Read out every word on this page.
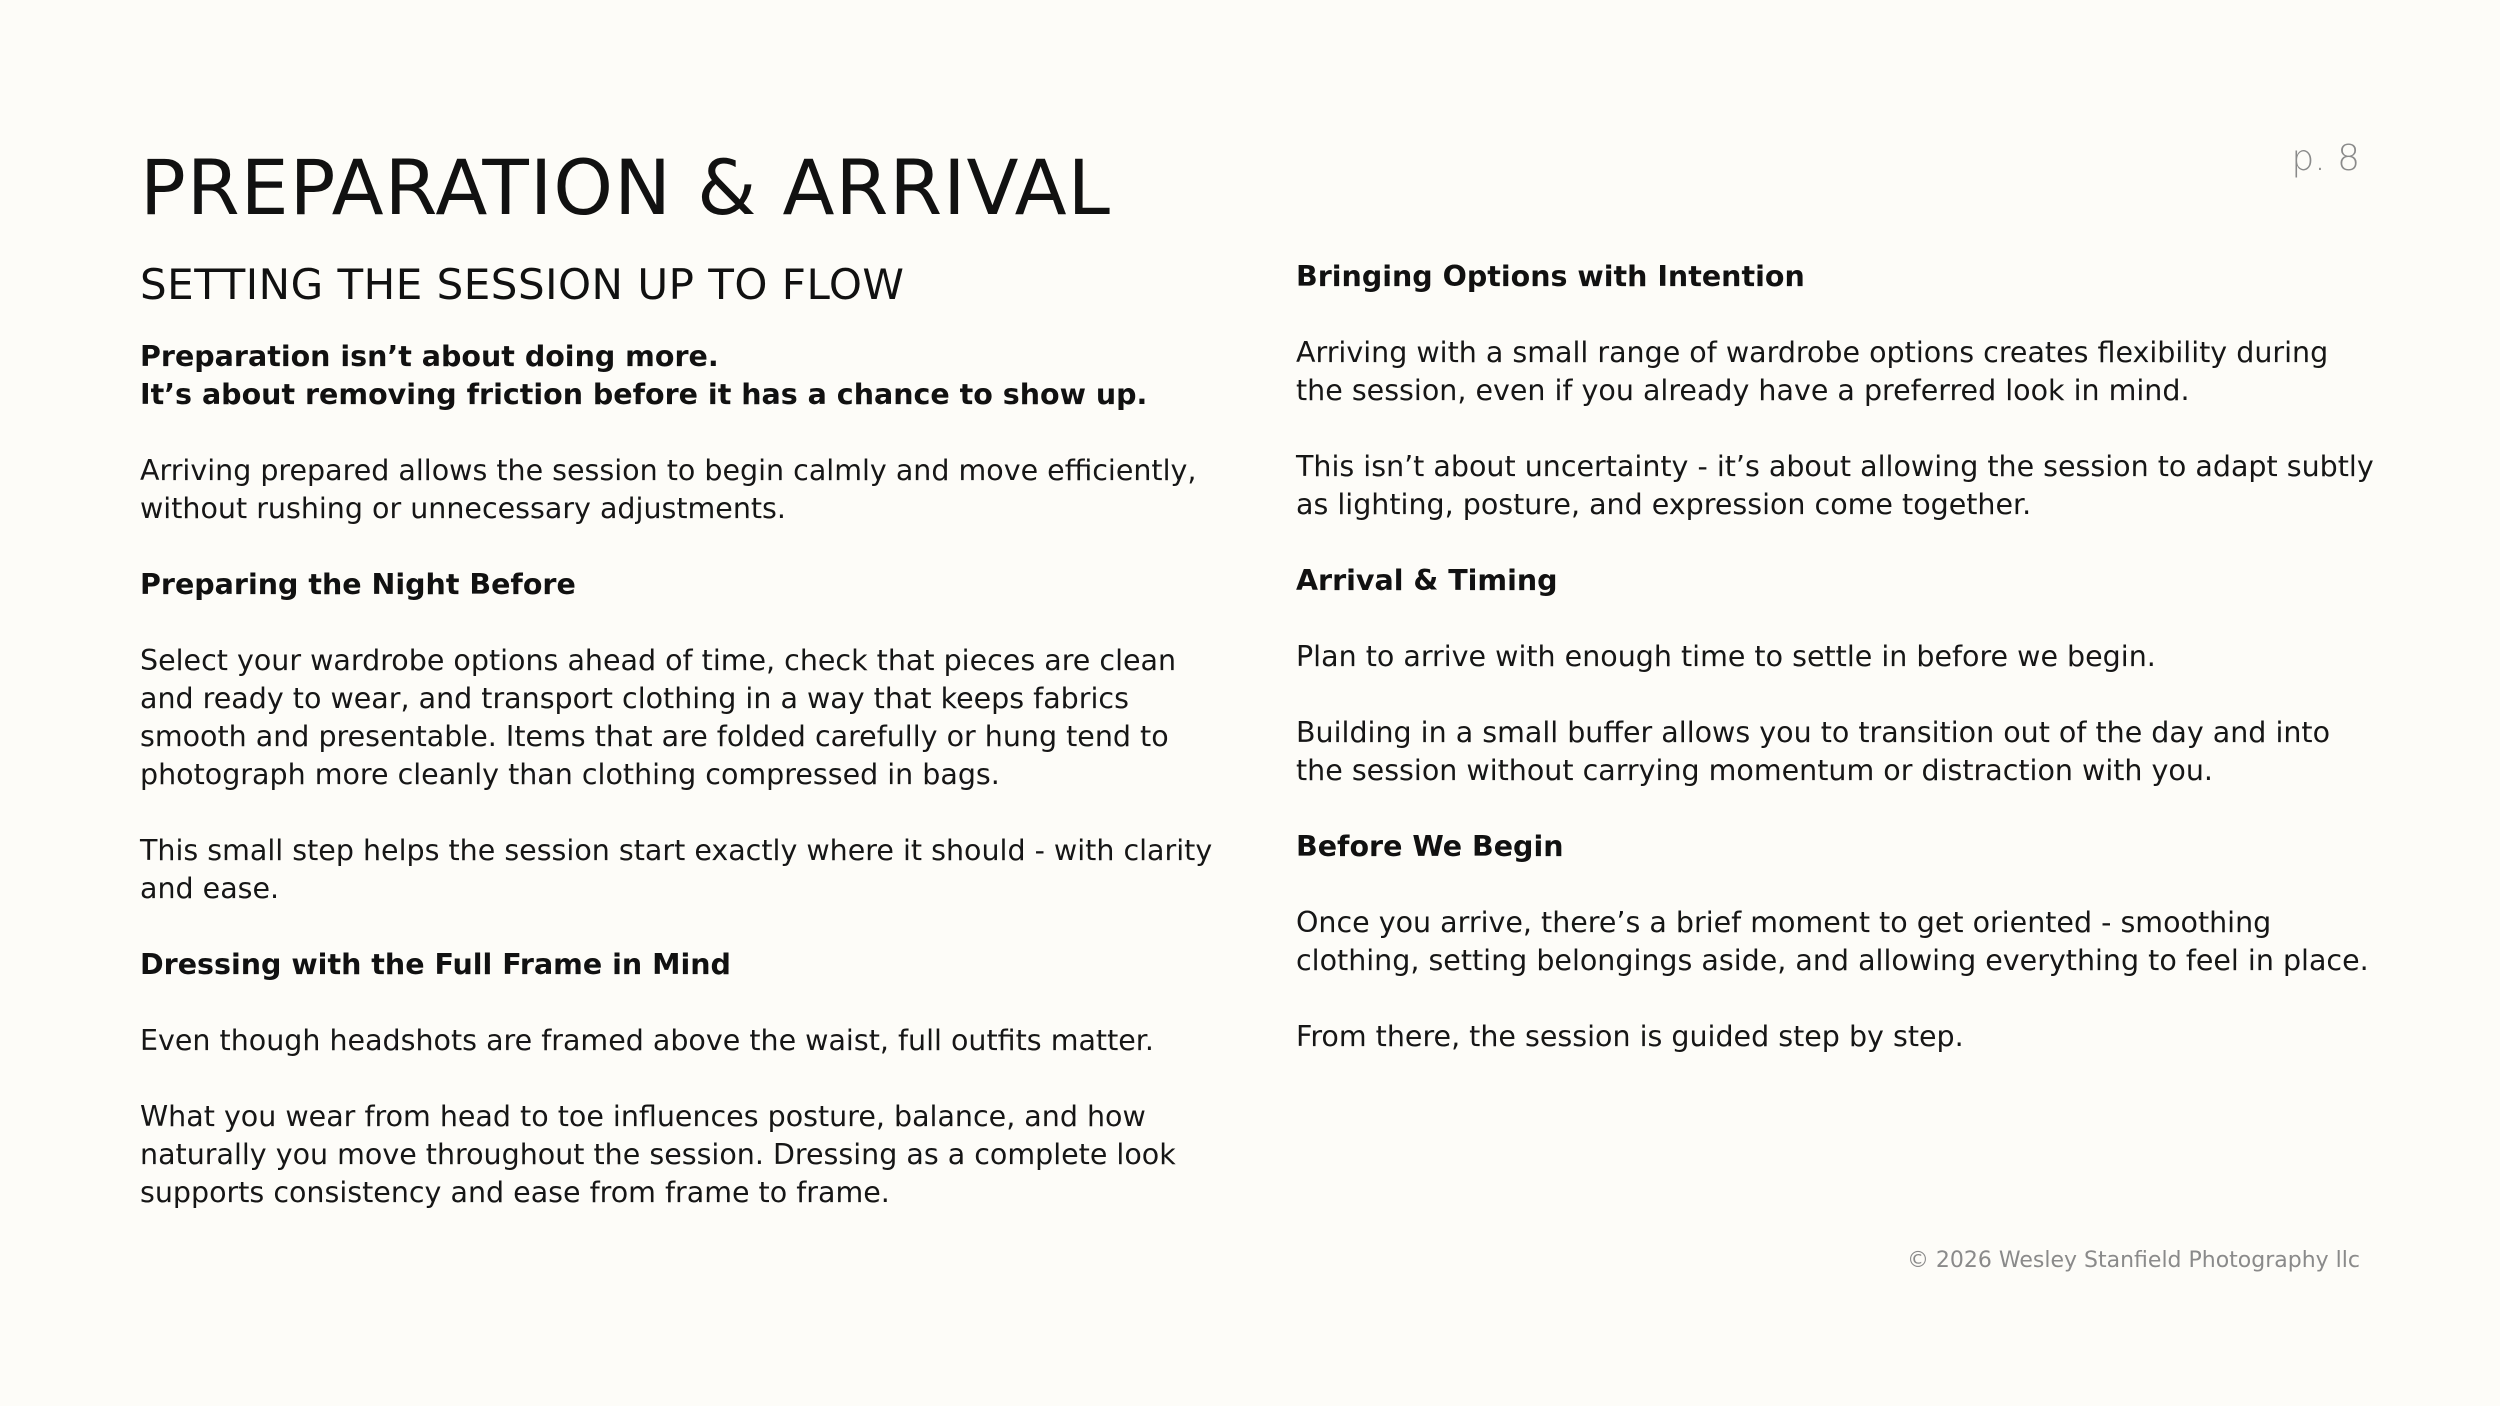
PREPARATION & ARRIVAL	p. 8
SETTING THE SESSION UP TO FLOW

Preparation isn’t about doing more.
It’s about removing friction before it has a chance to show up.

Arriving prepared allows the session to begin calmly and move efficiently, without rushing or unnecessary adjustments.

Preparing the Night Before

Select your wardrobe options ahead of time, check that pieces are clean and ready to wear, and transport clothing in a way that keeps fabrics smooth and presentable. Items that are folded carefully or hung tend to photograph more cleanly than clothing compressed in bags.

This small step helps the session start exactly where it should - with clarity and ease.

Dressing with the Full Frame in Mind

Even though headshots are framed above the waist, full outfits matter.

What you wear from head to toe influences posture, balance, and how naturally you move throughout the session. Dressing as a complete look supports consistency and ease from frame to frame.

Bringing Options with Intention

Arriving with a small range of wardrobe options creates flexibility during the session, even if you already have a preferred look in mind.

This isn’t about uncertainty - it’s about allowing the session to adapt subtly as lighting, posture, and expression come together.

Arrival & Timing

Plan to arrive with enough time to settle in before we begin.

Building in a small buffer allows you to transition out of the day and into the session without carrying momentum or distraction with you.

Before We Begin

Once you arrive, there’s a brief moment to get oriented - smoothing clothing, setting belongings aside, and allowing everything to feel in place.

From there, the session is guided step by step.

© 2026 Wesley Stanfield Photography llc
